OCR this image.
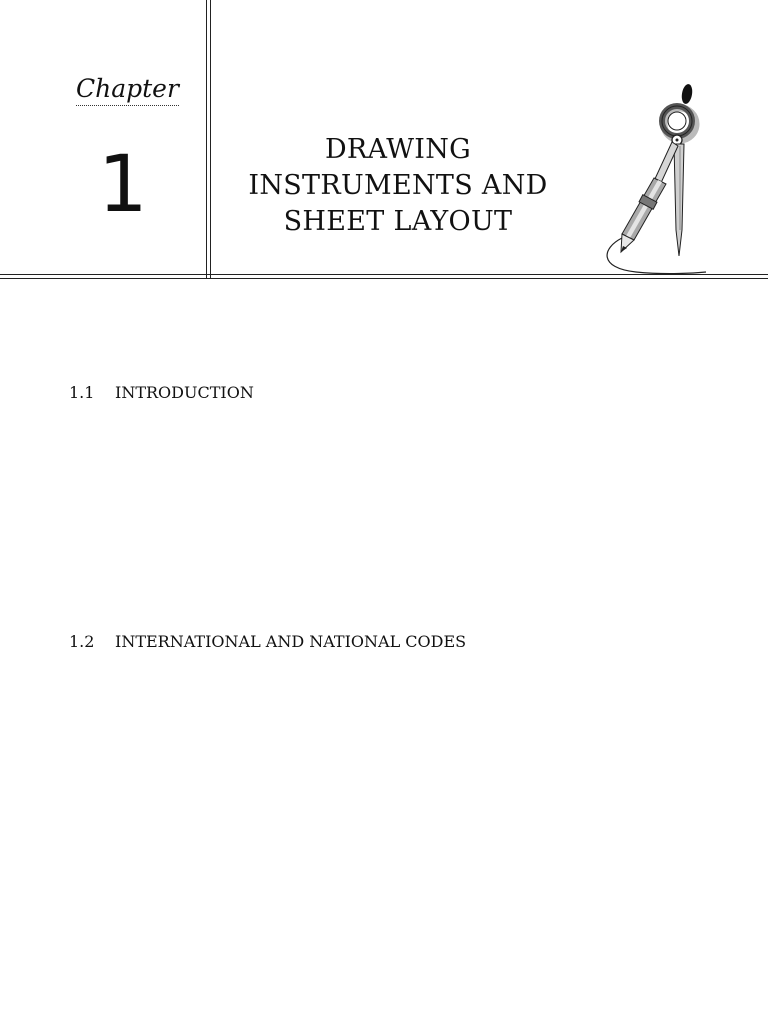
Chapter
1	DRAWING
INSTRUMENTS AND
SHEET LAYOUT
1.1 INTRODUCTION
1.2 INTERNATIONAL AND NATIONAL CODES
